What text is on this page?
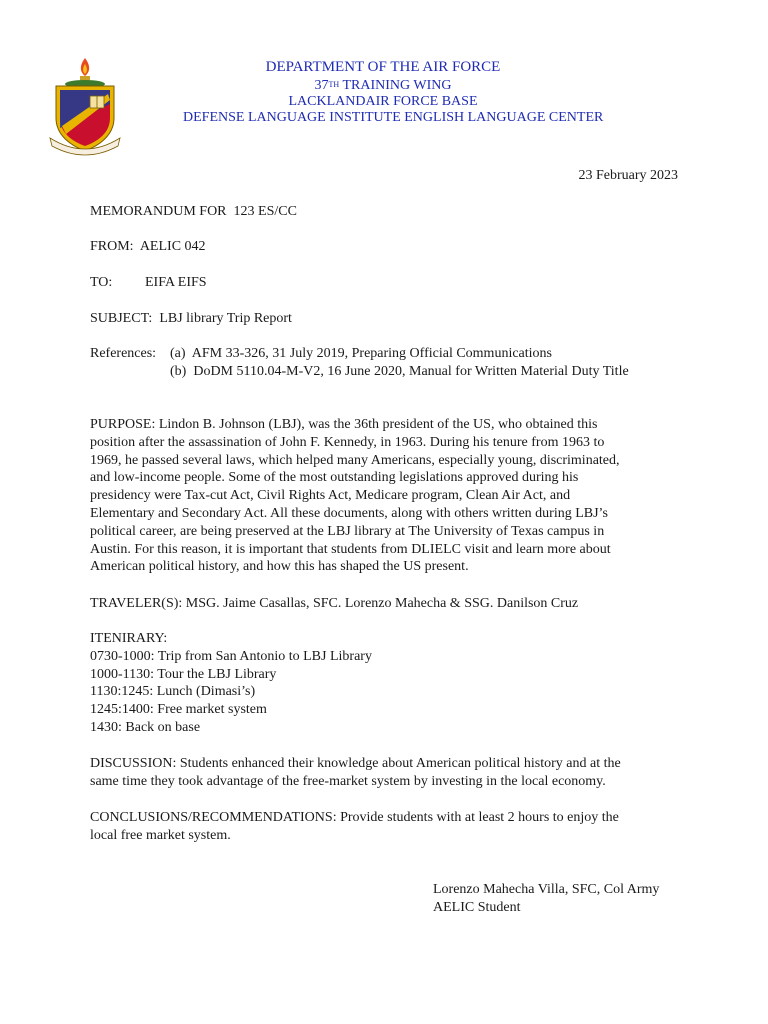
DEPARTMENT OF THE AIR FORCE
37TH TRAINING WING
LACKLANDAIR FORCE BASE
DEFENSE LANGUAGE INSTITUTE ENGLISH LANGUAGE CENTER
23 February 2023
MEMORANDUM FOR 123 ES/CC
FROM: AELIC 042
TO: EIFA EIFS
SUBJECT: LBJ library Trip Report
References: (a) AFM 33-326, 31 July 2019, Preparing Official Communications
(b) DoDM 5110.04-M-V2, 16 June 2020, Manual for Written Material Duty Title
PURPOSE: Lindon B. Johnson (LBJ), was the 36th president of the US, who obtained this
position after the assassination of John F. Kennedy, in 1963. During his tenure from 1963 to
1969, he passed several laws, which helped many Americans, especially young, discriminated,
and low-income people. Some of the most outstanding legislations approved during his
presidency were Tax-cut Act, Civil Rights Act, Medicare program, Clean Air Act, and
Elementary and Secondary Act. All these documents, along with others written during LBJ’s
political career, are being preserved at the LBJ library at The University of Texas campus in
Austin. For this reason, it is important that students from DLIELC visit and learn more about
American political history, and how this has shaped the US present.
TRAVELER(S): MSG. Jaime Casallas, SFC. Lorenzo Mahecha & SSG. Danilson Cruz
ITENIRARY:
0730-1000: Trip from San Antonio to LBJ Library
1000-1130: Tour the LBJ Library
1130:1245: Lunch (Dimasi’s)
1245:1400: Free market system
1430: Back on base
DISCUSSION: Students enhanced their knowledge about American political history and at the
same time they took advantage of the free-market system by investing in the local economy.
CONCLUSIONS/RECOMMENDATIONS: Provide students with at least 2 hours to enjoy the
local free market system.
Lorenzo Mahecha Villa, SFC, Col Army
AELIC Student
